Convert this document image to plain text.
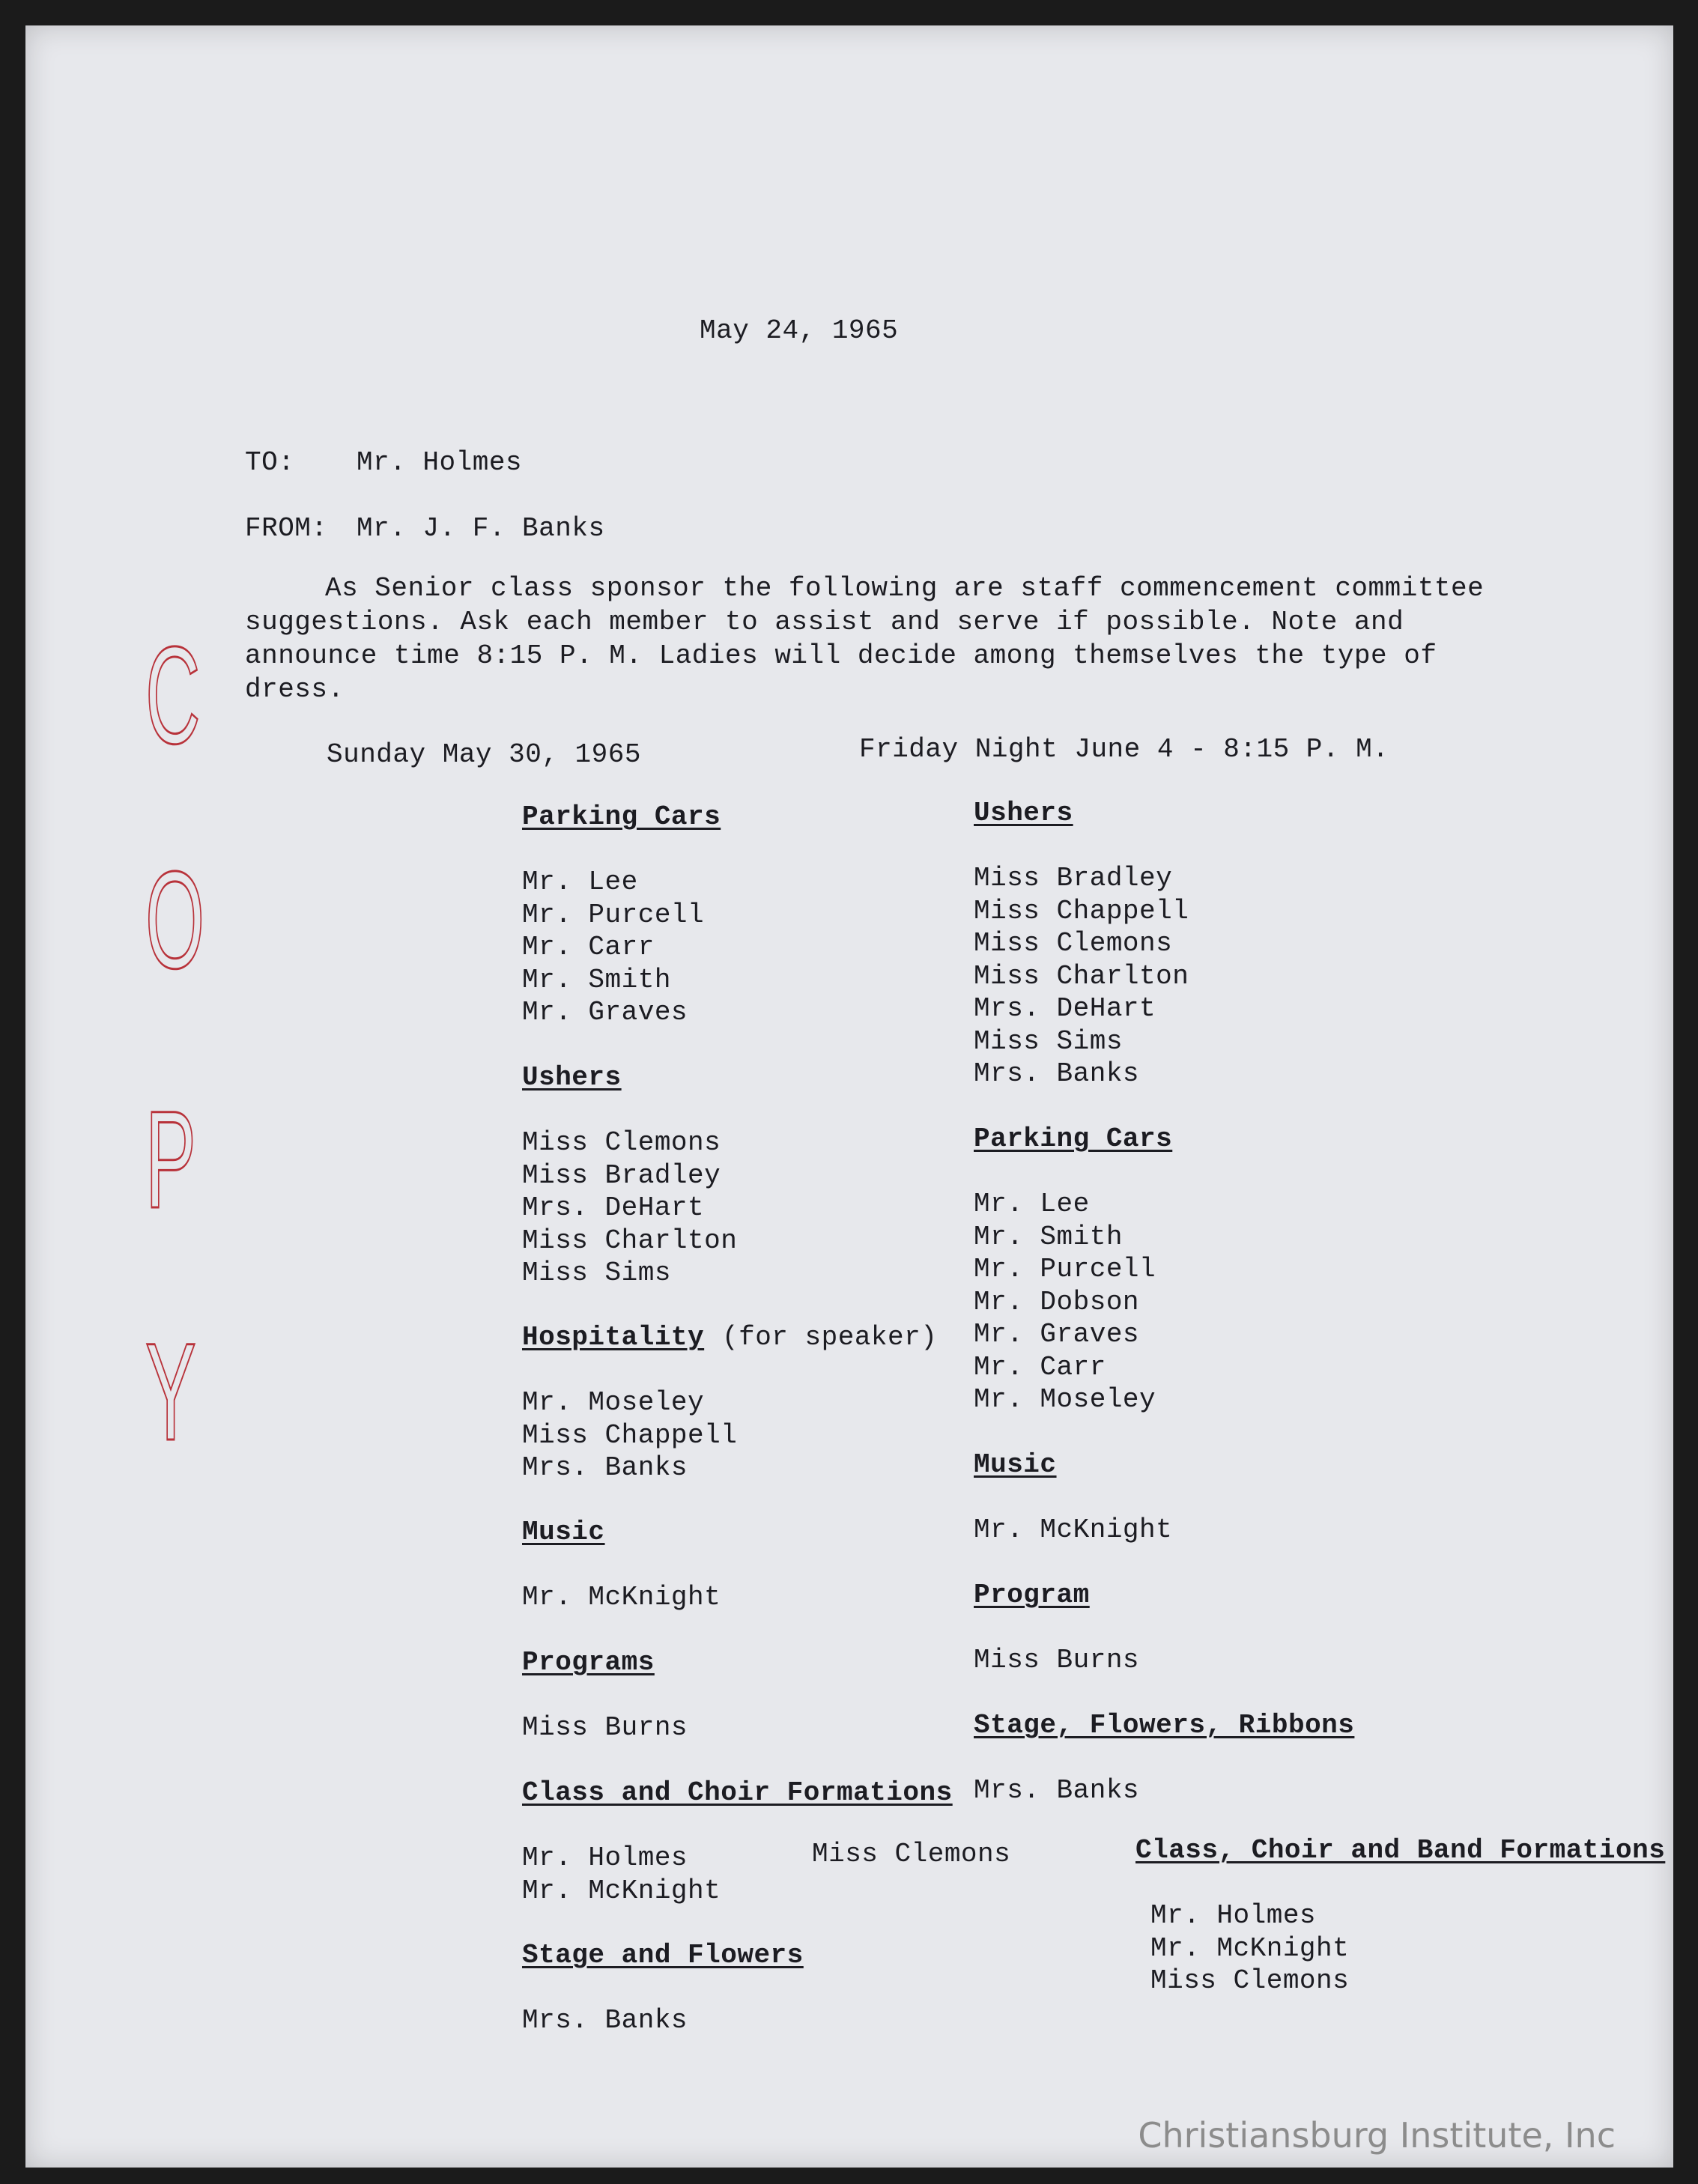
C
O
P
Y
May 24, 1965
TO: Mr. Holmes
FROM: Mr. J. F. Banks
As Senior class sponsor the following are staff commencement committee
suggestions. Ask each member to assist and serve if possible. Note and
announce time 8:15 P. M. Ladies will decide among themselves the type of
dress.
Sunday May 30, 1965	Friday Night June 4 - 8:15 P. M.
Parking Cars
Mr. Lee
Mr. Purcell
Mr. Carr
Mr. Smith
Mr. Graves
Ushers
Miss Clemons
Miss Bradley
Mrs. DeHart
Miss Charlton
Miss Sims
Hospitality (for speaker)
Mr. Moseley
Miss Chappell
Mrs. Banks
Music
Mr. McKnight
Programs
Miss Burns
Class and Choir Formations
Mr. Holmes
Mr. McKnight
Miss Clemons
Stage and Flowers
Mrs. Banks
Ushers
Miss Bradley
Miss Chappell
Miss Clemons
Miss Charlton
Mrs. DeHart
Miss Sims
Mrs. Banks
Parking Cars
Mr. Lee
Mr. Smith
Mr. Purcell
Mr. Dobson
Mr. Graves
Mr. Carr
Mr. Moseley
Music
Mr. McKnight
Program
Miss Burns
Stage, Flowers, Ribbons
Mrs. Banks
Class, Choir and Band Formations
Mr. Holmes
Mr. McKnight
Miss Clemons
Christiansburg Institute, Inc
